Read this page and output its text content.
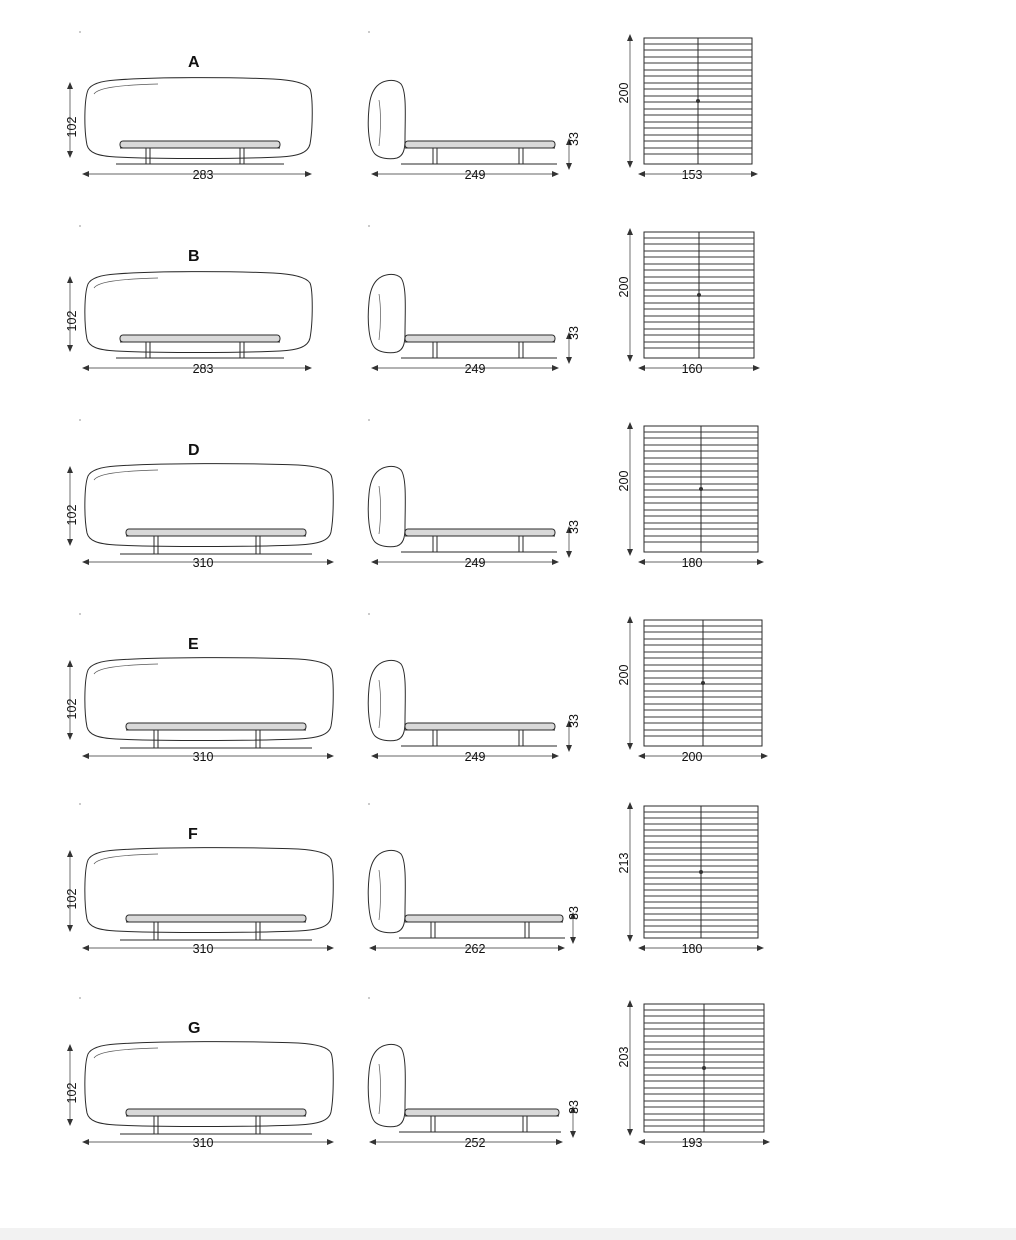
A
102
283	249
33
200
153
B
102
283	249
33
200
160
D
102
310	249
33
200
180
E
102
310	249
33
200
200
F
102
310	262
33
213
180
G
102
310	252
33
203
193
